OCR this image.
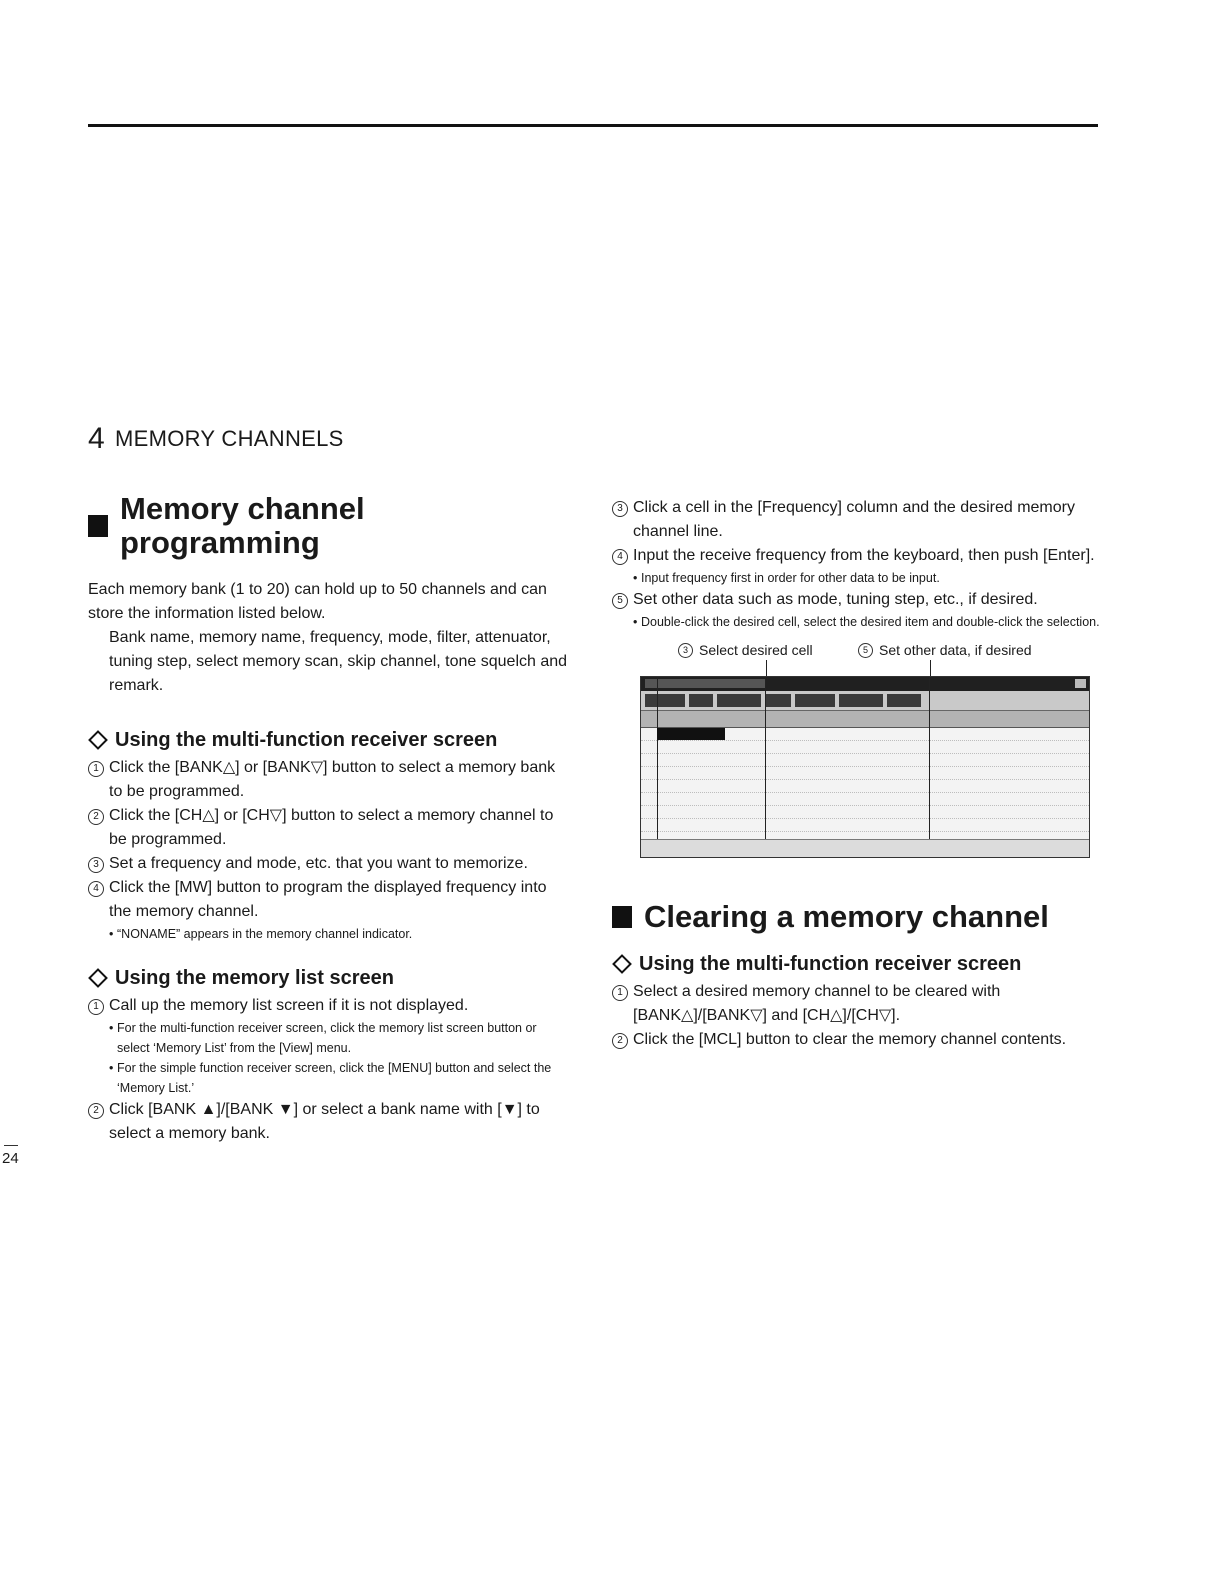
4 MEMORY CHANNELS
Memory channel programming

Each memory bank (1 to 20) can hold up to 50 channels and can store the information listed below.

Bank name, memory name, frequency, mode, filter, attenuator, tuning step, select memory scan, skip channel, tone squelch and remark.

Using the multi-function receiver screen
1 Click the [BANK△] or [BANK▽] button to select a memory bank to be programmed.
2 Click the [CH△] or [CH▽] button to select a memory channel to be programmed.
3 Set a frequency and mode, etc. that you want to memorize.
4 Click the [MW] button to program the displayed frequency into the memory channel.
• “NONAME” appears in the memory channel indicator.
Using the memory list screen
1 Call up the memory list screen if it is not displayed.
• For the multi-function receiver screen, click the memory list screen button or select ‘Memory List’ from the [View] menu.
• For the simple function receiver screen, click the [MENU] button and select the ‘Memory List.’
2 Click [BANK ▲]/[BANK ▼] or select a bank name with [▼] to select a memory bank.
3 Click a cell in the [Frequency] column and the desired memory channel line.
4 Input the receive frequency from the keyboard, then push [Enter].
• Input frequency first in order for other data to be input.
5 Set other data such as mode, tuning step, etc., if desired.
• Double-click the desired cell, select the desired item and double-click the selection.
3 Select desired cell	5 Set other data, if desired
Clearing a memory channel
Using the multi-function receiver screen
1 Select a desired memory channel to be cleared with [BANK△]/[BANK▽] and [CH△]/[CH▽].
2 Click the [MCL] button to clear the memory channel contents.
24
